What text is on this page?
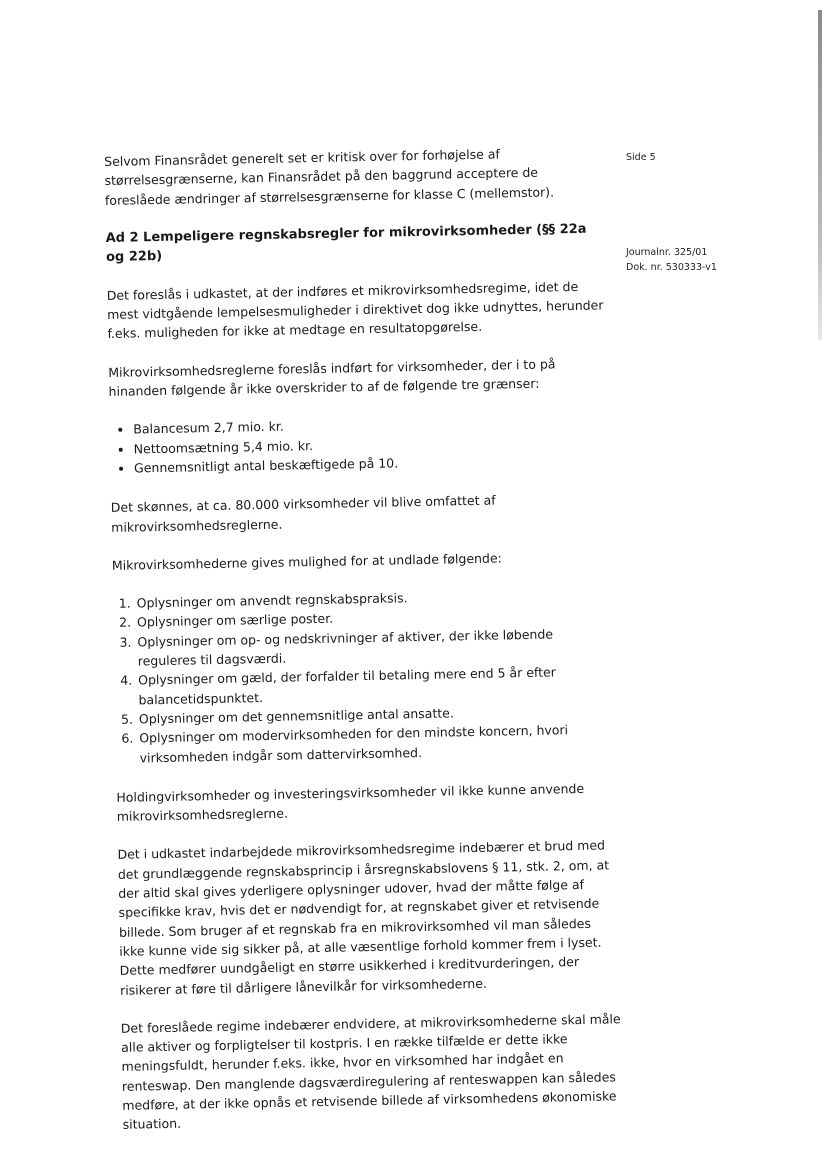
Side 5
Journalnr. 325/01
Dok. nr. 530333-v1

Selvom Finansrådet generelt set er kritisk over for forhøjelse af størrelsesgrænserne, kan Finansrådet på den baggrund acceptere de foreslåede ændringer af størrelsesgrænserne for klasse C (mellemstor).

Ad 2 Lempeligere regnskabsregler for mikrovirksomheder (§§ 22a og 22b)

Det foreslås i udkastet, at der indføres et mikrovirksomhedsregime, idet de mest vidtgående lempelsesmuligheder i direktivet dog ikke udnyttes, herunder f.eks. muligheden for ikke at medtage en resultatopgørelse.

Mikrovirksomhedsreglerne foreslås indført for virksomheder, der i to på hinanden følgende år ikke overskrider to af de følgende tre grænser:

• Balancesum 2,7 mio. kr.
• Nettoomsætning 5,4 mio. kr.
• Gennemsnitligt antal beskæftigede på 10.

Det skønnes, at ca. 80.000 virksomheder vil blive omfattet af mikrovirksomhedsreglerne.

Mikrovirksomhederne gives mulighed for at undlade følgende:

1. Oplysninger om anvendt regnskabspraksis.
2. Oplysninger om særlige poster.
3. Oplysninger om op- og nedskrivninger af aktiver, der ikke løbende reguleres til dagsværdi.
4. Oplysninger om gæld, der forfalder til betaling mere end 5 år efter balancetidspunktet.
5. Oplysninger om det gennemsnitlige antal ansatte.
6. Oplysninger om modervirksomheden for den mindste koncern, hvori virksomheden indgår som dattervirksomhed.

Holdingvirksomheder og investeringsvirksomheder vil ikke kunne anvende mikrovirksomhedsreglerne.

Det i udkastet indarbejdede mikrovirksomhedsregime indebærer et brud med det grundlæggende regnskabsprincip i årsregnskabslovens § 11, stk. 2, om, at der altid skal gives yderligere oplysninger udover, hvad der måtte følge af specifikke krav, hvis det er nødvendigt for, at regnskabet giver et retvisende billede. Som bruger af et regnskab fra en mikrovirksomhed vil man således ikke kunne vide sig sikker på, at alle væsentlige forhold kommer frem i lyset. Dette medfører uundgåeligt en større usikkerhed i kreditvurderingen, der risikerer at føre til dårligere lånevilkår for virksomhederne.

Det foreslåede regime indebærer endvidere, at mikrovirksomhederne skal måle alle aktiver og forpligtelser til kostpris. I en række tilfælde er dette ikke meningsfuldt, herunder f.eks. ikke, hvor en virksomhed har indgået en renteswap. Den manglende dagsværdiregulering af renteswappen kan således medføre, at der ikke opnås et retvisende billede af virksomhedens økonomiske situation.
